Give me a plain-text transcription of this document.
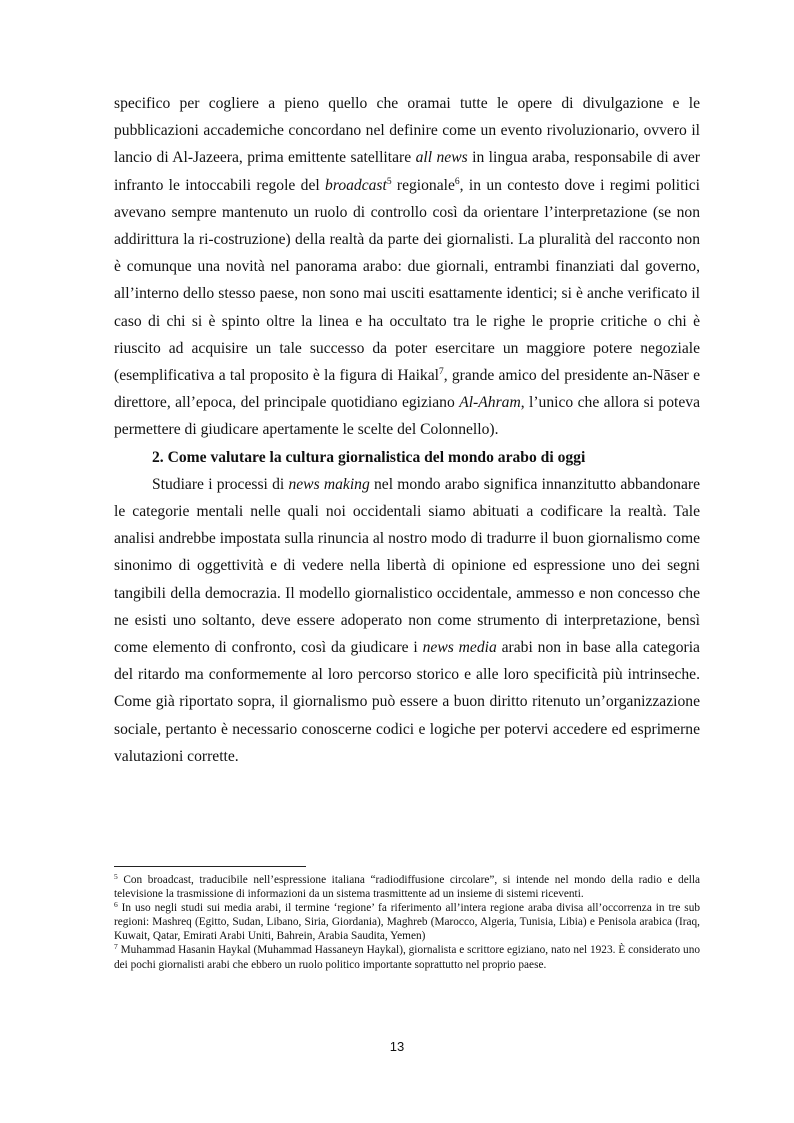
specifico per cogliere a pieno quello che oramai tutte le opere di divulgazione e le pubblicazioni accademiche concordano nel definire come un evento rivoluzionario, ovvero il lancio di Al-Jazeera, prima emittente satellitare all news in lingua araba, responsabile di aver infranto le intoccabili regole del broadcast$^5$ regionale$^6$, in un contesto dove i regimi politici avevano sempre mantenuto un ruolo di controllo così da orientare l’interpretazione (se non addirittura la ri-costruzione) della realtà da parte dei giornalisti. La pluralità del racconto non è comunque una novità nel panorama arabo: due giornali, entrambi finanziati dal governo, all’interno dello stesso paese, non sono mai usciti esattamente identici; si è anche verificato il caso di chi si è spinto oltre la linea e ha occultato tra le righe le proprie critiche o chi è riuscito ad acquisire un tale successo da poter esercitare un maggiore potere negoziale (esemplificativa a tal proposito è la figura di Haikal$^7$, grande amico del presidente an-Nāser e direttore, all’epoca, del principale quotidiano egiziano Al-Ahram, l’unico che allora si poteva permettere di giudicare apertamente le scelte del Colonnello).

2. Come valutare la cultura giornalistica del mondo arabo di oggi

Studiare i processi di news making nel mondo arabo significa innanzitutto abbandonare le categorie mentali nelle quali noi occidentali siamo abituati a codificare la realtà. Tale analisi andrebbe impostata sulla rinuncia al nostro modo di tradurre il buon giornalismo come sinonimo di oggettività e di vedere nella libertà di opinione ed espressione uno dei segni tangibili della democrazia. Il modello giornalistico occidentale, ammesso e non concesso che ne esisti uno soltanto, deve essere adoperato non come strumento di interpretazione, bensì come elemento di confronto, così da giudicare i news media arabi non in base alla categoria del ritardo ma conformemente al loro percorso storico e alle loro specificità più intrinseche. Come già riportato sopra, il giornalismo può essere a buon diritto ritenuto un’organizzazione sociale, pertanto è necessario conoscerne codici e logiche per potervi accedere ed esprimerne valutazioni corrette.

$^5$ Con broadcast, traducibile nell’espressione italiana “radiodiffusione circolare”, si intende nel mondo della radio e della televisione la trasmissione di informazioni da un sistema trasmittente ad un insieme di sistemi riceventi.

$^6$ In uso negli studi sui media arabi, il termine ‘regione’ fa riferimento all’intera regione araba divisa all’occorrenza in tre sub regioni: Mashreq (Egitto, Sudan, Libano, Siria, Giordania), Maghreb (Marocco, Algeria, Tunisia, Libia) e Penisola arabica (Iraq, Kuwait, Qatar, Emirati Arabi Uniti, Bahrein, Arabia Saudita, Yemen)

$^7$ Muhammad Hasanin Haykal (Muhammad Hassaneyn Haykal), giornalista e scrittore egiziano, nato nel 1923. È considerato uno dei pochi giornalisti arabi che ebbero un ruolo politico importante soprattutto nel proprio paese.

13
